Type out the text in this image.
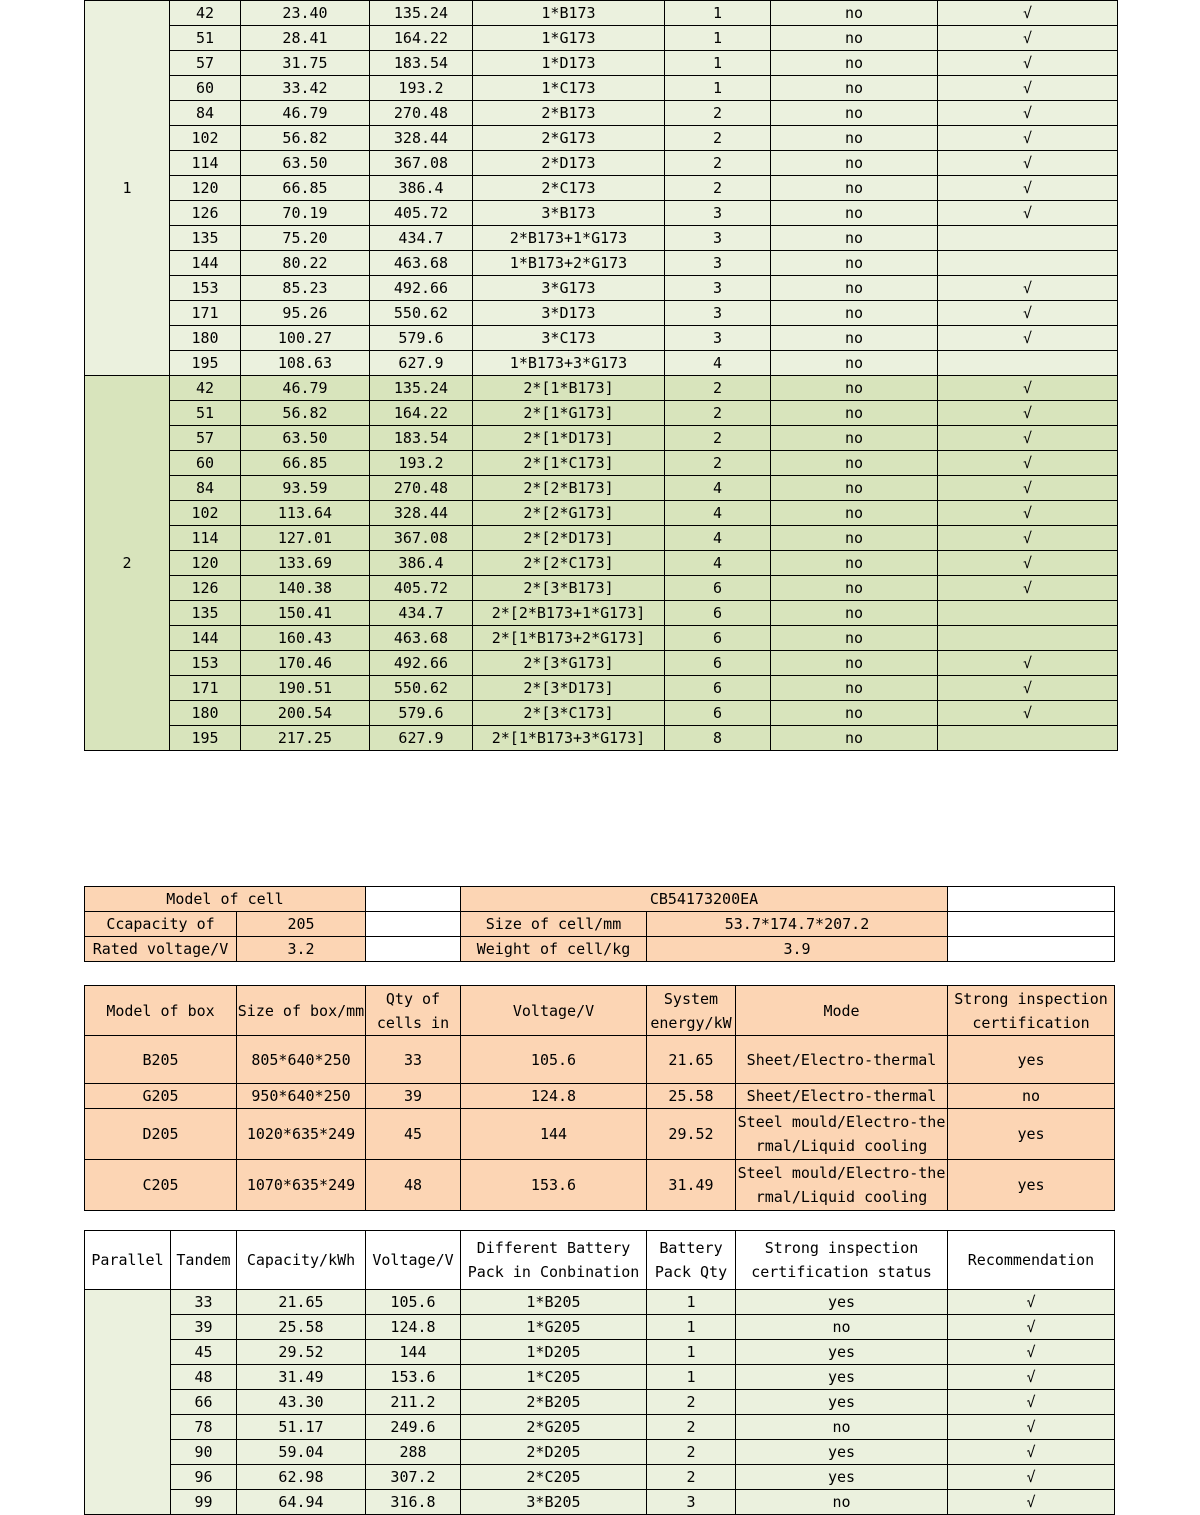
1	42	23.40	135.24	1*B173	1	no	√
	51	28.41	164.22	1*G173	1	no	√
	57	31.75	183.54	1*D173	1	no	√
	60	33.42	193.2	1*C173	1	no	√
	84	46.79	270.48	2*B173	2	no	√
	102	56.82	328.44	2*G173	2	no	√
	114	63.50	367.08	2*D173	2	no	√
	120	66.85	386.4	2*C173	2	no	√
	126	70.19	405.72	3*B173	3	no	√
	135	75.20	434.7	2*B173+1*G173	3	no	
	144	80.22	463.68	1*B173+2*G173	3	no	
	153	85.23	492.66	3*G173	3	no	√
	171	95.26	550.62	3*D173	3	no	√
	180	100.27	579.6	3*C173	3	no	√
	195	108.63	627.9	1*B173+3*G173	4	no	
2	42	46.79	135.24	2*[1*B173]	2	no	√
	51	56.82	164.22	2*[1*G173]	2	no	√
	57	63.50	183.54	2*[1*D173]	2	no	√
	60	66.85	193.2	2*[1*C173]	2	no	√
	84	93.59	270.48	2*[2*B173]	4	no	√
	102	113.64	328.44	2*[2*G173]	4	no	√
	114	127.01	367.08	2*[2*D173]	4	no	√
	120	133.69	386.4	2*[2*C173]	4	no	√
	126	140.38	405.72	2*[3*B173]	6	no	√
	135	150.41	434.7	2*[2*B173+1*G173]	6	no	
	144	160.43	463.68	2*[1*B173+2*G173]	6	no	
	153	170.46	492.66	2*[3*G173]	6	no	√
	171	190.51	550.62	2*[3*D173]	6	no	√
	180	200.54	579.6	2*[3*C173]	6	no	√
	195	217.25	627.9	2*[1*B173+3*G173]	8	no	
Model of cell			CB54173200EA			
Ccapacity of	205		Size of cell/mm	53.7*174.7*207.2		
Rated voltage/V	3.2		Weight of cell/kg	3.9		

Model of box	Size of box/mm	Qty of cells in	Voltage/V	System energy/kW	Mode	Strong inspection certification
B205	805*640*250	33	105.6	21.65	Sheet/Electro-thermal	yes
G205	950*640*250	39	124.8	25.58	Sheet/Electro-thermal	no
D205	1020*635*249	45	144	29.52	Steel mould/Electro-thermal/Liquid cooling	yes
C205	1070*635*249	48	153.6	31.49	Steel mould/Electro-thermal/Liquid cooling	yes
Parallel	Tandem	Capacity/kWh	Voltage/V	Different Battery Pack in Conbination	Battery Pack Qty	Strong inspection certification status	Recommendation
	33	21.65	105.6	1*B205	1	yes	√
	39	25.58	124.8	1*G205	1	no	√
	45	29.52	144	1*D205	1	yes	√
	48	31.49	153.6	1*C205	1	yes	√
	66	43.30	211.2	2*B205	2	yes	√
	78	51.17	249.6	2*G205	2	no	√
	90	59.04	288	2*D205	2	yes	√
	96	62.98	307.2	2*C205	2	yes	√
	99	64.94	316.8	3*B205	3	no	√
